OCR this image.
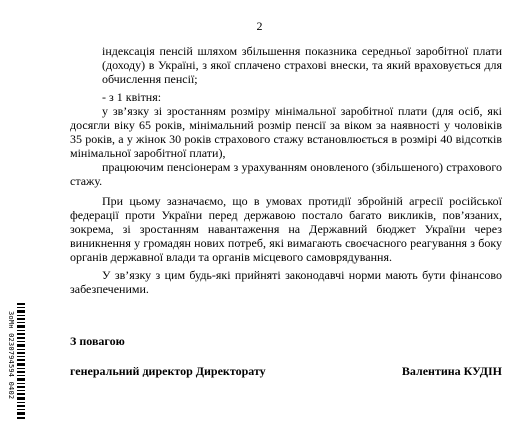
2

індексація пенсій шляхом збільшення показника середньої заробітної плати (доходу) в Україні, з якої сплачено страхові внески, та який враховується для обчислення пенсії;

- з 1 квітня:

у зв’язку зі зростанням розміру мінімальної заробітної плати (для осіб, які досягли віку 65 років, мінімальний розмір пенсії за віком за наявності у чоловіків 35 років, а у жінок 30 років страхового стажу встановлюється в розмірі 40 відсотків мінімальної заробітної плати),

працюючим пенсіонерам з урахуванням оновленого (збільшеного) страхового стажу.

При цьому зазначаємо, що в умовах протидії збройній агресії російської федерації проти України перед державою постало багато викликів, пов’язаних, зокрема, зі зростанням навантаження на Державний бюджет України через виникнення у громадян нових потреб, які вимагають своєчасного реагування з боку органів державної влади та органів місцевого самоврядування.

У зв’язку з цим будь-які прийняті законодавчі норми мають бути фінансово забезпеченими.

З повагою
генеральний директор Директорату	Валентина КУДІН
3оМн 0230794594 0402
